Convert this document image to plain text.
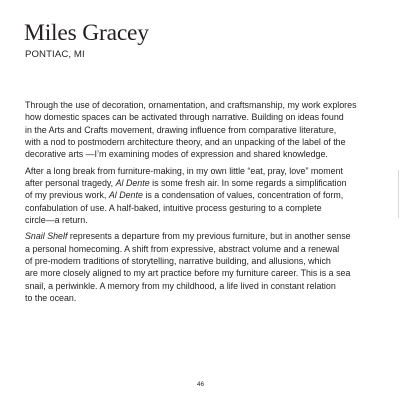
Miles Gracey
PONTIAC, MI

Through the use of decoration, ornamentation, and craftsmanship, my work explores
how domestic spaces can be activated through narrative. Building on ideas found
in the Arts and Crafts movement, drawing influence from comparative literature,
with a nod to postmodern architecture theory, and an unpacking of the label of the
decorative arts —I’m examining modes of expression and shared knowledge.

After a long break from furniture-making, in my own little “eat, pray, love” moment
after personal tragedy, Al Dente is some fresh air. In some regards a simplification
of my previous work, Al Dente is a condensation of values, concentration of form,
confabulation of use. A half-baked, intuitive process gesturing to a complete
circle—a return.

Snail Shelf represents a departure from my previous furniture, but in another sense
a personal homecoming. A shift from expressive, abstract volume and a renewal
of pre-modern traditions of storytelling, narrative building, and allusions, which
are more closely aligned to my art practice before my furniture career. This is a sea
snail, a periwinkle. A memory from my childhood, a life lived in constant relation
to the ocean.

46
